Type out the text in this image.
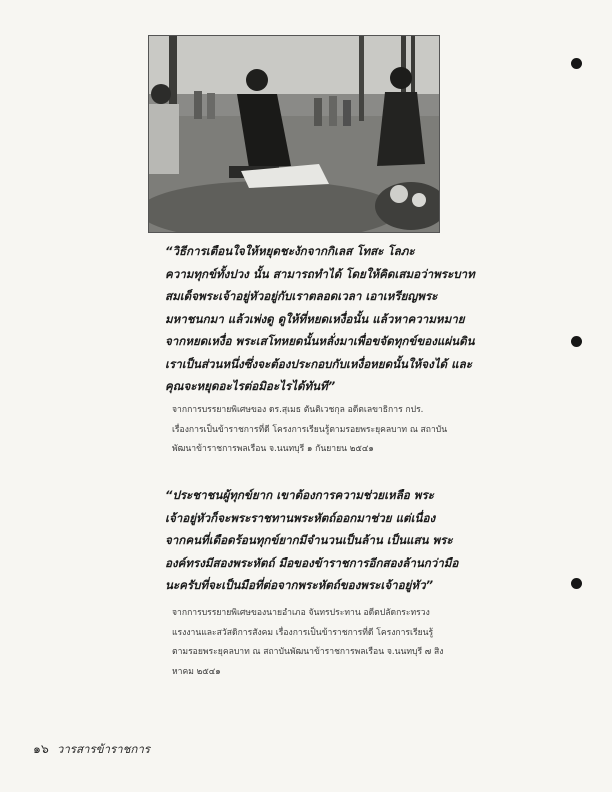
“วิธีการเตือนใจให้หยุดชะงักจากกิเลส โทสะ โลภะ
ความทุกข์ทั้งปวง นั้น สามารถทำได้ โดยให้คิดเสมอว่าพระบาท
สมเด็จพระเจ้าอยู่หัวอยู่กับเราตลอดเวลา เอาเหรียญพระ
มหาชนกมา แล้วเพ่งดู ดูให้ที่หยดเหงื่อนั้น แล้วหาความหมาย
จากหยดเหงื่อ พระเสโทหยดนั้นหลั่งมาเพื่อขจัดทุกข์ของแผ่นดิน
เราเป็นส่วนหนึ่งซึ่งจะต้องประกอบกับเหงื่อหยดนั้นให้จงได้ และ
คุณจะหยุดอะไรต่อมิอะไรได้ทันที”
จากการบรรยายพิเศษของ ดร.สุเมธ ตันติเวชกุล อดีตเลขาธิการ กปร.
เรื่องการเป็นข้าราชการที่ดี โครงการเรียนรู้ตามรอยพระยุคลบาท ณ สถาบัน
พัฒนาข้าราชการพลเรือน จ.นนทบุรี ๑ กันยายน ๒๕๔๑
“ประชาชนผู้ทุกข์ยาก เขาต้องการความช่วยเหลือ พระ
เจ้าอยู่หัวก็จะพระราชทานพระหัตถ์ออกมาช่วย แต่เนื่อง
จากคนที่เดือดร้อนทุกข์ยากมีจำนวนเป็นล้าน เป็นแสน พระ
องค์ทรงมีสองพระหัตถ์ มือของข้าราชการอีกสองล้านกว่ามือ
นะครับที่จะเป็นมือที่ต่อจากพระหัตถ์ของพระเจ้าอยู่หัว”
จากการบรรยายพิเศษของนายอำเภอ จันทรประทาน อดีตปลัดกระทรวง
แรงงานและสวัสดิการสังคม เรื่องการเป็นข้าราชการที่ดี โครงการเรียนรู้
ตามรอยพระยุคลบาท ณ สถาบันพัฒนาข้าราชการพลเรือน จ.นนทบุรี ๗ สิง
หาคม ๒๕๔๑
๑๖ วารสารข้าราชการ
